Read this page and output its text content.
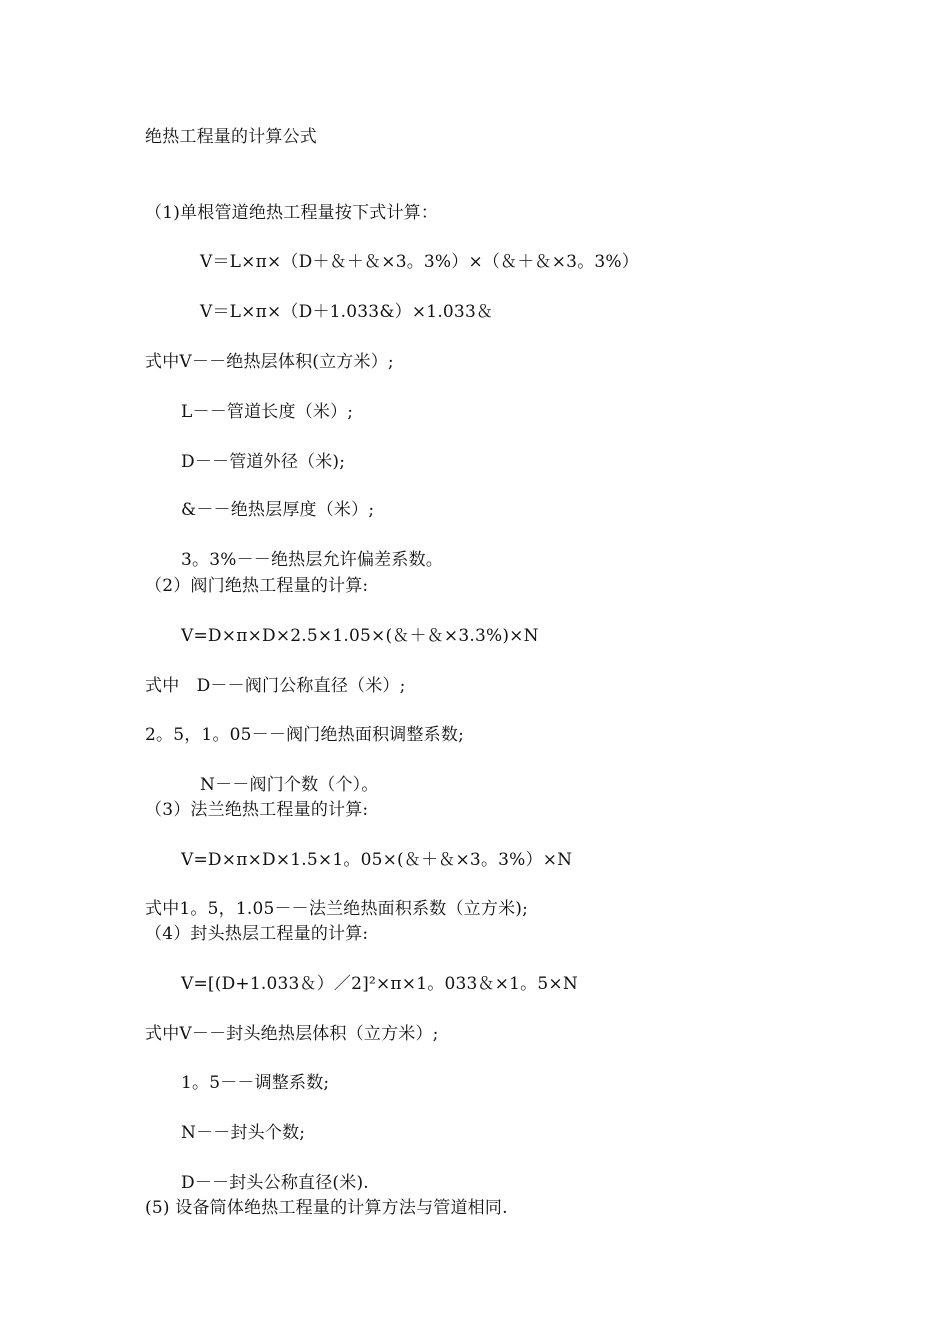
绝热工程量的计算公式
（1)单根管道绝热工程量按下式计算：
V＝L×π×（D＋＆＋＆×3。3%）×（＆＋＆×3。3%）
V＝L×π×（D＋1.033&）×1.033＆
式中V－－绝热层体积(立方米）;
L－－管道长度（米）;
D－－管道外径（米);
&－－绝热层厚度（米）;
3。3%－－绝热层允许偏差系数。
（2）阀门绝热工程量的计算:
V=D×π×D×2.5×1.05×(＆＋＆×3.3%)×N
式中　D－－阀门公称直径（米）;
2。5，1。05－－阀门绝热面积调整系数;
N－－阀门个数（个）。
（3）法兰绝热工程量的计算:
V=D×π×D×1.5×1。05×(＆＋＆×3。3%）×N
式中1。5，1.05－－法兰绝热面积系数（立方米);
（4）封头热层工程量的计算:
V=[(D+1.033＆）／2]²×π×1。033＆×1。5×N
式中V－－封头绝热层体积（立方米）;
1。5－－调整系数;
N－－封头个数;
D－－封头公称直径(米).
(5) 设备筒体绝热工程量的计算方法与管道相同.
